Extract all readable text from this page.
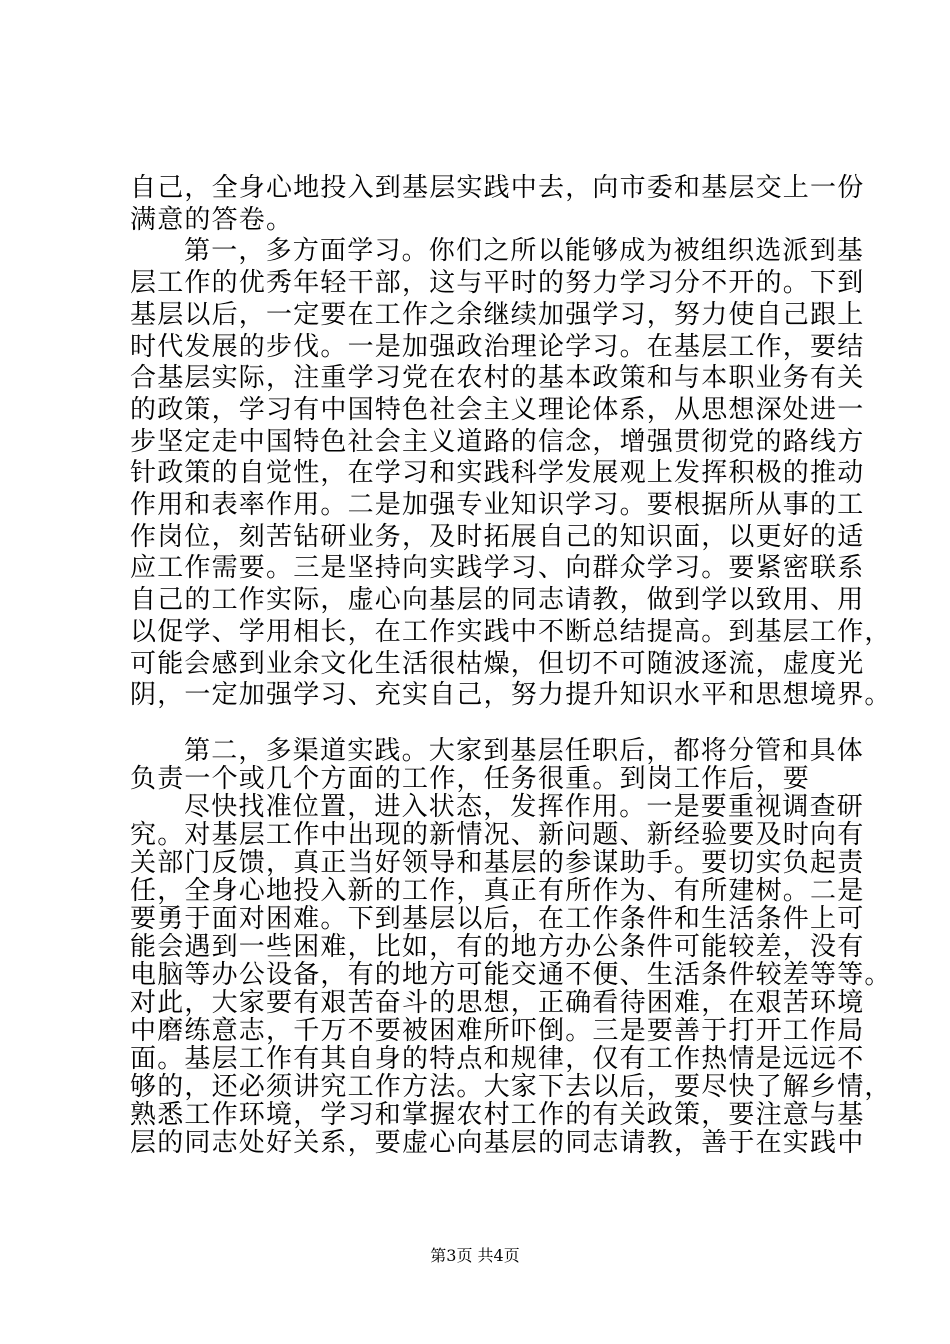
自己，全身心地投入到基层实践中去，向市委和基层交上一份
满意的答卷。
第一，多方面学习。你们之所以能够成为被组织选派到基
层工作的优秀年轻干部，这与平时的努力学习分不开的。下到
基层以后，一定要在工作之余继续加强学习，努力使自己跟上
时代发展的步伐。一是加强政治理论学习。在基层工作，要结
合基层实际，注重学习党在农村的基本政策和与本职业务有关
的政策，学习有中国特色社会主义理论体系，从思想深处进一
步坚定走中国特色社会主义道路的信念，增强贯彻党的路线方
针政策的自觉性，在学习和实践科学发展观上发挥积极的推动
作用和表率作用。二是加强专业知识学习。要根据所从事的工
作岗位，刻苦钻研业务，及时拓展自己的知识面，以更好的适
应工作需要。三是坚持向实践学习、向群众学习。要紧密联系
自己的工作实际，虚心向基层的同志请教，做到学以致用、用
以促学、学用相长，在工作实践中不断总结提高。到基层工作，
可能会感到业余文化生活很枯燥，但切不可随波逐流，虚度光
阴，一定加强学习、充实自己，努力提升知识水平和思想境界。
第二，多渠道实践。大家到基层任职后，都将分管和具体
负责一个或几个方面的工作，任务很重。到岗工作后，要
尽快找准位置，进入状态，发挥作用。一是要重视调查研
究。对基层工作中出现的新情况、新问题、新经验要及时向有
关部门反馈，真正当好领导和基层的参谋助手。要切实负起责
任，全身心地投入新的工作，真正有所作为、有所建树。二是
要勇于面对困难。下到基层以后，在工作条件和生活条件上可
能会遇到一些困难，比如，有的地方办公条件可能较差，没有
电脑等办公设备，有的地方可能交通不便、生活条件较差等等。
对此，大家要有艰苦奋斗的思想，正确看待困难，在艰苦环境
中磨练意志，千万不要被困难所吓倒。三是要善于打开工作局
面。基层工作有其自身的特点和规律，仅有工作热情是远远不
够的，还必须讲究工作方法。大家下去以后，要尽快了解乡情，
第3页 共4页
熟悉工作环境，学习和掌握农村工作的有关政策，要注意与基
层的同志处好关系，要虚心向基层的同志请教，善于在实践中
